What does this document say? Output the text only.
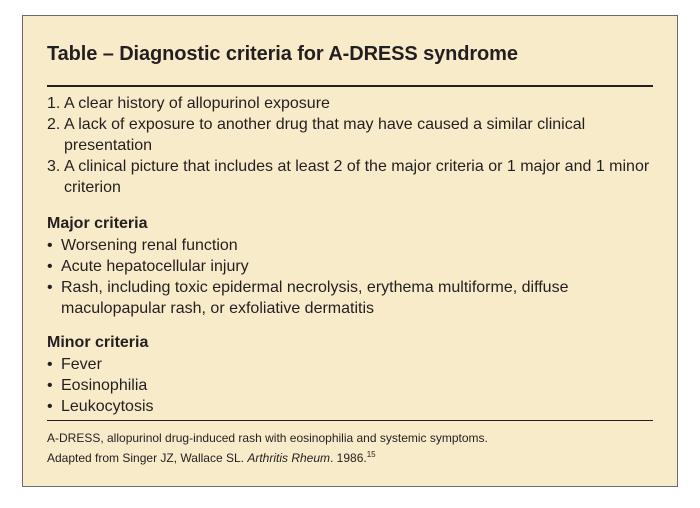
Table – Diagnostic criteria for A-DRESS syndrome
1. A clear history of allopurinol exposure
2. A lack of exposure to another drug that may have caused a similar clinical presentation
3. A clinical picture that includes at least 2 of the major criteria or 1 major and 1 minor criterion
Major criteria
• Worsening renal function
• Acute hepatocellular injury
• Rash, including toxic epidermal necrolysis, erythema multiforme, diffuse maculopapular rash, or exfoliative dermatitis
Minor criteria
• Fever
• Eosinophilia
• Leukocytosis
A-DRESS, allopurinol drug-induced rash with eosinophilia and systemic symptoms.
Adapted from Singer JZ, Wallace SL. Arthritis Rheum. 1986.15
